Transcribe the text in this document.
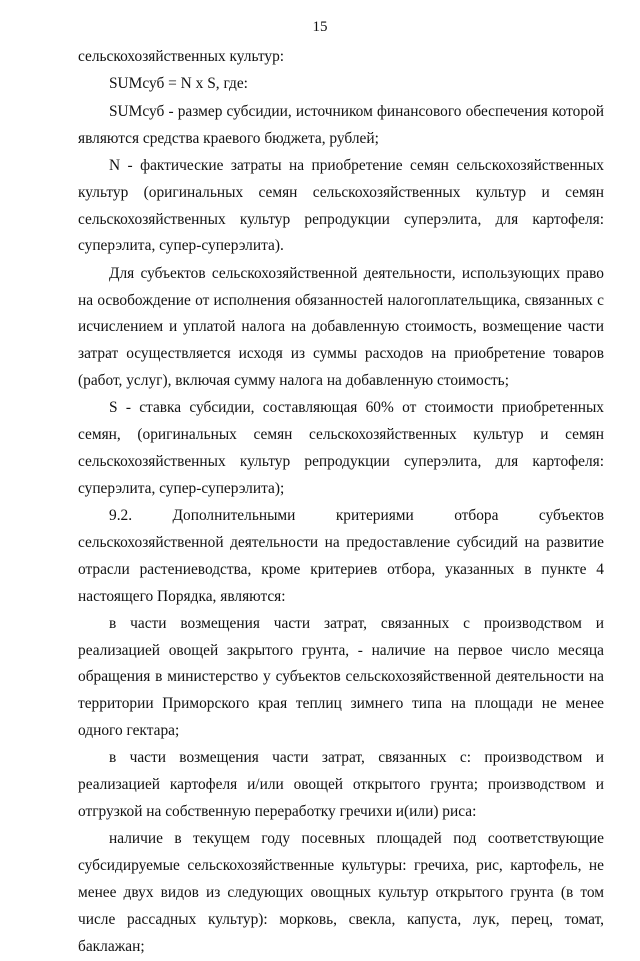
15

сельскохозяйственных культур:

SUMсуб = N x S, где:

SUMсуб - размер субсидии, источником финансового обеспечения которой являются средства краевого бюджета, рублей;

N - фактические затраты на приобретение семян сельскохозяйственных культур (оригинальных семян сельскохозяйственных культур и семян сельскохозяйственных культур репродукции суперэлита, для картофеля: суперэлита, супер-суперэлита).

Для субъектов сельскохозяйственной деятельности, использующих право на освобождение от исполнения обязанностей налогоплательщика, связанных с исчислением и уплатой налога на добавленную стоимость, возмещение части затрат осуществляется исходя из суммы расходов на приобретение товаров (работ, услуг), включая сумму налога на добавленную стоимость;

S - ставка субсидии, составляющая 60% от стоимости приобретенных семян, (оригинальных семян сельскохозяйственных культур и семян сельскохозяйственных культур репродукции суперэлита, для картофеля: суперэлита, супер-суперэлита);

9.2. Дополнительными критериями отбора субъектов сельскохозяйственной деятельности на предоставление субсидий на развитие отрасли растениеводства, кроме критериев отбора, указанных в пункте 4 настоящего Порядка, являются:

в части возмещения части затрат, связанных с производством и реализацией овощей закрытого грунта, - наличие на первое число месяца обращения в министерство у субъектов сельскохозяйственной деятельности на территории Приморского края теплиц зимнего типа на площади не менее одного гектара;

в части возмещения части затрат, связанных с: производством и реализацией картофеля и/или овощей открытого грунта; производством и отгрузкой на собственную переработку гречихи и(или) риса:

наличие в текущем году посевных площадей под соответствующие субсидируемые сельскохозяйственные культуры: гречиха, рис, картофель, не менее двух видов из следующих овощных культур открытого грунта (в том числе рассадных культур): морковь, свекла, капуста, лук, перец, томат, баклажан;
